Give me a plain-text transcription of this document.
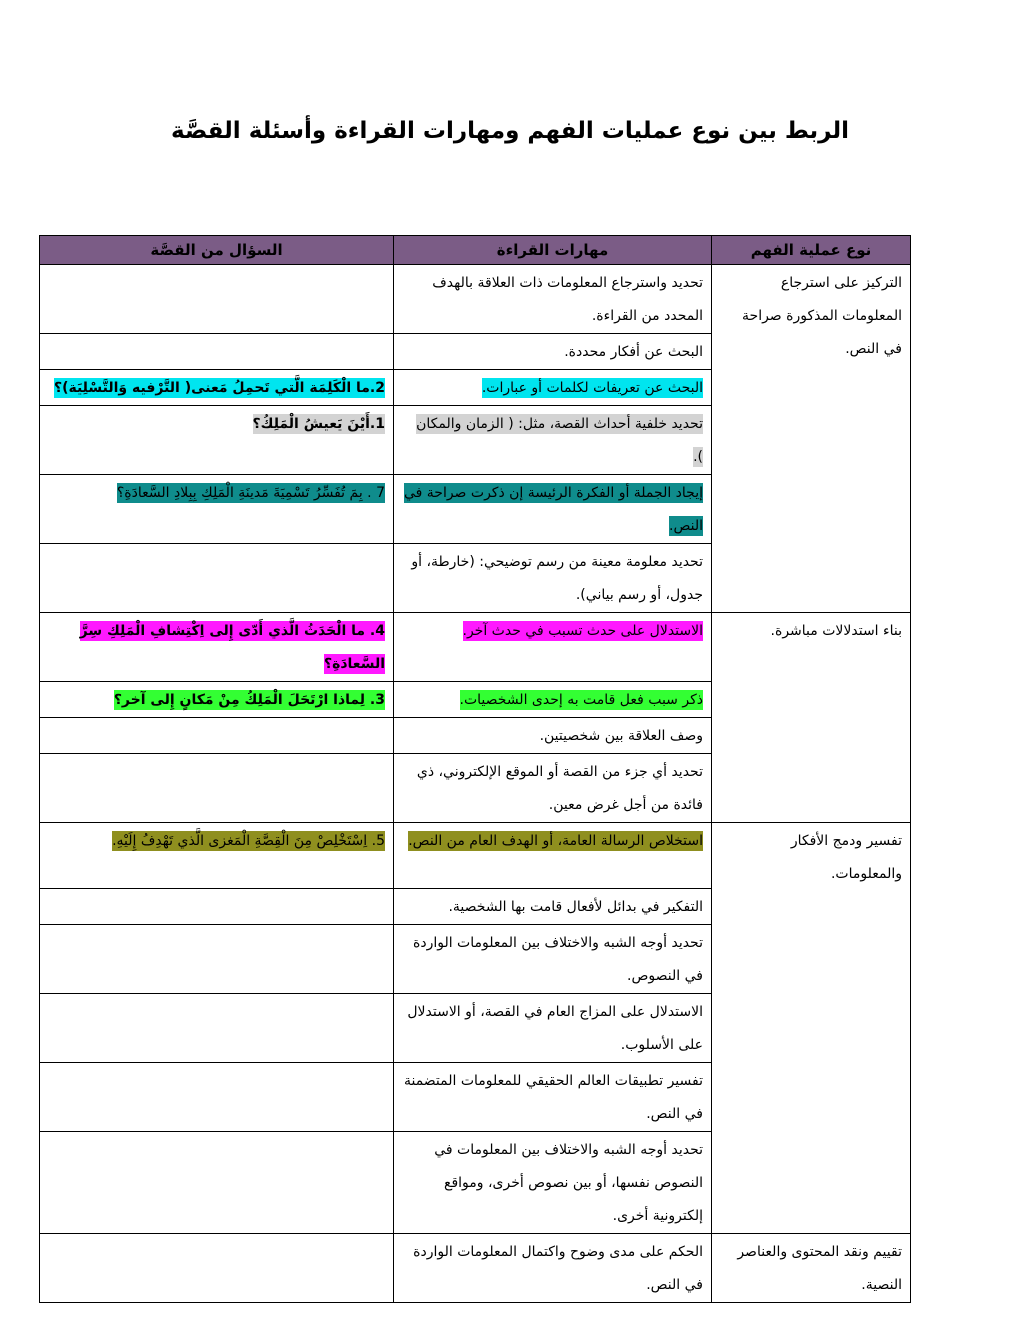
الربط بين نوع عمليات الفهم ومهارات القراءة وأسئلة القصَّة
نوع عملية الفهم	مهارات القراءة	السؤال من القصَّة
التركيز على استرجاع المعلومات المذكورة صراحة في النص.	تحديد واسترجاع المعلومات ذات العلاقة بالهدف المحدد من القراءة.	
	البحث عن أفكار محددة.	
	البحث عن تعريفات لكلمات أو عبارات.	2.ما الْكَلِمَة الَّتي تَحمِلُ مَعنى( التَّرْفيه وَالتَّسْلِيَة)؟
	تحديد خلفية أحداث القصة، مثل: ( الزمان والمكان ).	1.أَيْنَ يَعيشُ الْمَلِكُ؟
	إيجاد الجملة أو الفكرة الرئيسة إن ذكرت صراحة في النص.	7 . بِمَ تُفَسِّرُ تَسْمِيَةَ مَدينَةِ الْمَلِكِ بِبِلادِ السَّعادَةِ؟
	تحديد معلومة معينة من رسم توضيحي: (خارطة، أو جدول، أو رسم بياني).	
بناء استدلالات مباشرة.	الاستدلال على حدث تسبب في حدث آخر.	4. ما الْحَدَثُ الَّذي أَدّى إِلى اِكْتِشافِ الْمَلِكِ سِرَّ السَّعادَةِ؟
	ذكر سبب فعل قامت به إحدى الشخصيات.	3. لِماذا ارْتَحَلَ الْمَلِكُ مِنْ مَكانٍ إِلى آخر؟
	وصف العلاقة بين شخصيتين.	
	تحديد أي جزء من القصة أو الموقع الإلكتروني، ذي فائدة من أجل غرض معين.	
تفسير ودمج الأفكار والمعلومات.	استخلاص الرسالة العامة، أو الهدف العام من النص.	5. اِسْتَخْلِصْ مِنَ الْقِصَّةِ الْمَغزى الَّذي تَهْدِفُ إِلَيْهِ.
	التفكير في بدائل لأفعال قامت بها الشخصية.	
	تحديد أوجه الشبه والاختلاف بين المعلومات الواردة في النصوص.	
	الاستدلال على المزاج العام في القصة، أو الاستدلال على الأسلوب.	
	تفسير تطبيقات العالم الحقيقي للمعلومات المتضمنة في النص.	
	تحديد أوجه الشبه والاختلاف بين المعلومات في النصوص نفسها، أو بين نصوص أخرى، ومواقع إلكترونية أخرى.	
تقييم ونقد المحتوى والعناصر النصية.	الحكم على مدى وضوح واكتمال المعلومات الواردة في النص.	
